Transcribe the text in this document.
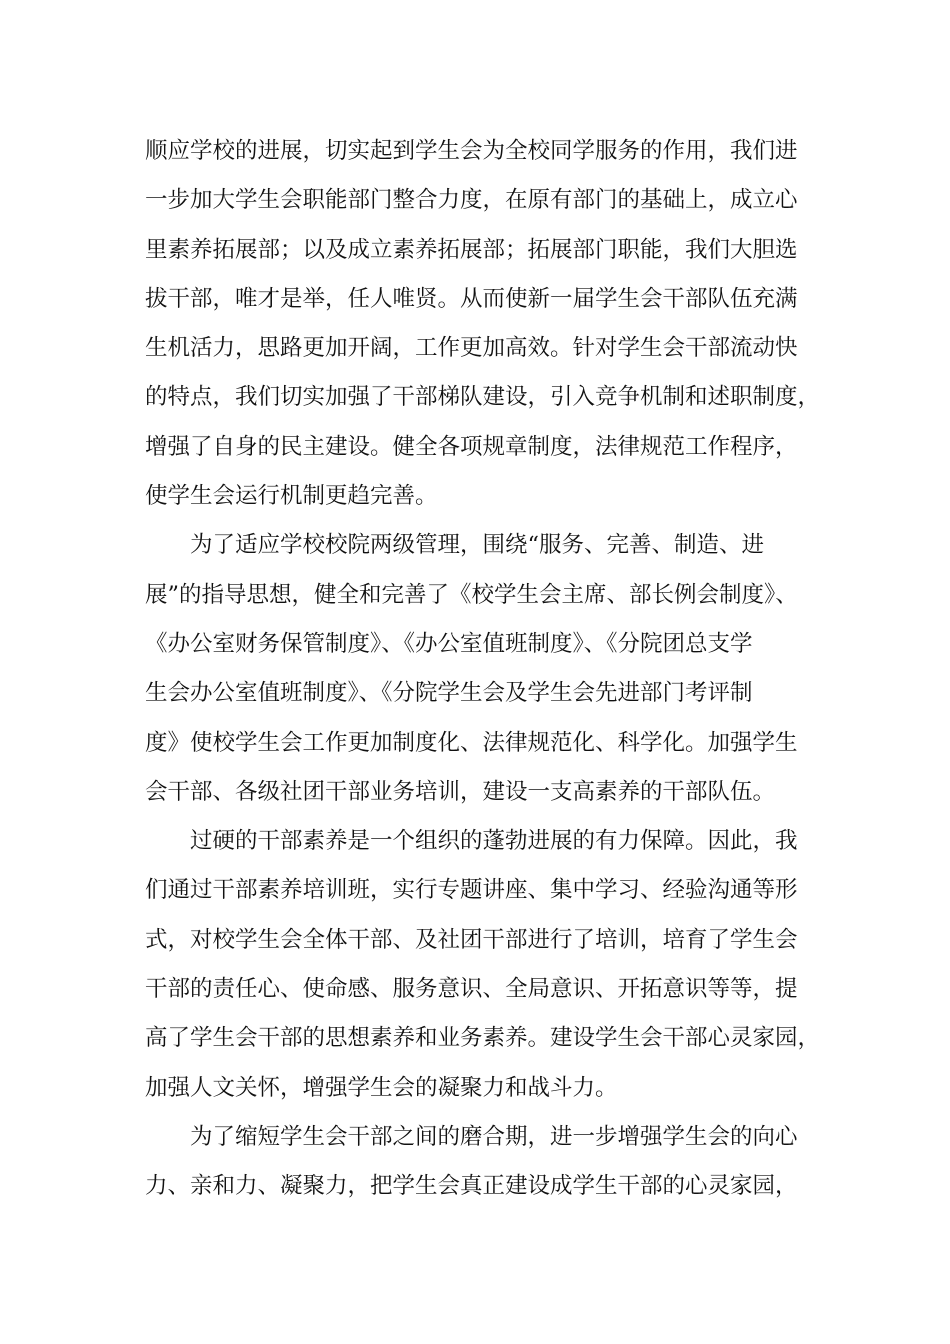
顺应学校的进展，切实起到学生会为全校同学服务的作用，我们进
一步加大学生会职能部门整合力度，在原有部门的基础上，成立心
里素养拓展部；以及成立素养拓展部；拓展部门职能，我们大胆选
拔干部，唯才是举，任人唯贤。从而使新一届学生会干部队伍充满
生机活力，思路更加开阔，工作更加高效。针对学生会干部流动快
的特点，我们切实加强了干部梯队建设，引入竞争机制和述职制度，
增强了自身的民主建设。健全各项规章制度，法律规范工作程序，
使学生会运行机制更趋完善。
为了适应学校校院两级管理，围绕“服务、完善、制造、进
展”的指导思想，健全和完善了《校学生会主席、部长例会制度》、
《办公室财务保管制度》、《办公室值班制度》、《分院团总支学
生会办公室值班制度》、《分院学生会及学生会先进部门考评制
度》使校学生会工作更加制度化、法律规范化、科学化。加强学生
会干部、各级社团干部业务培训，建设一支高素养的干部队伍。
过硬的干部素养是一个组织的蓬勃进展的有力保障。因此，我
们通过干部素养培训班，实行专题讲座、集中学习、经验沟通等形
式，对校学生会全体干部、及社团干部进行了培训，培育了学生会
干部的责任心、使命感、服务意识、全局意识、开拓意识等等，提
高了学生会干部的思想素养和业务素养。建设学生会干部心灵家园，
加强人文关怀，增强学生会的凝聚力和战斗力。
为了缩短学生会干部之间的磨合期，进一步增强学生会的向心
力、亲和力、凝聚力，把学生会真正建设成学生干部的心灵家园，
